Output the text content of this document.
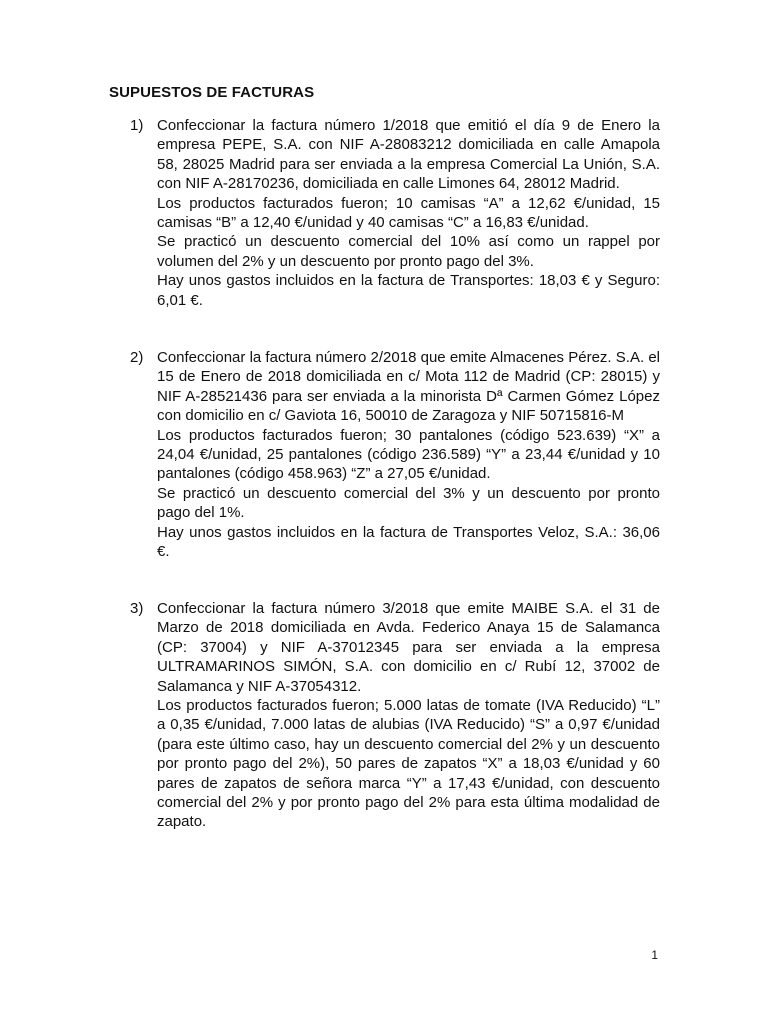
SUPUESTOS DE FACTURAS
1) Confeccionar la factura número 1/2018 que emitió el día 9 de Enero la empresa PEPE, S.A. con NIF A-28083212 domiciliada en calle Amapola 58, 28025 Madrid para ser enviada a la empresa Comercial La Unión, S.A. con NIF A-28170236, domiciliada en calle Limones 64, 28012 Madrid.

Los productos facturados fueron; 10 camisas “A” a 12,62 €/unidad, 15 camisas “B” a 12,40 €/unidad y 40 camisas “C” a 16,83 €/unidad.

Se practicó un descuento comercial del 10% así como un rappel por volumen del 2% y un descuento por pronto pago del 3%.

Hay unos gastos incluidos en la factura de Transportes: 18,03 € y Seguro: 6,01 €.

2) Confeccionar la factura número 2/2018 que emite Almacenes Pérez. S.A. el 15 de Enero de 2018 domiciliada en c/ Mota 112 de Madrid (CP: 28015) y NIF A-28521436 para ser enviada a la minorista Dª Carmen Gómez López con domicilio en c/ Gaviota 16, 50010 de Zaragoza y NIF 50715816-M

Los productos facturados fueron; 30 pantalones (código 523.639) “X” a 24,04 €/unidad, 25 pantalones (código 236.589) “Y” a 23,44 €/unidad y 10 pantalones (código 458.963) “Z” a 27,05 €/unidad.

Se practicó un descuento comercial del 3% y un descuento por pronto pago del 1%.

Hay unos gastos incluidos en la factura de Transportes Veloz, S.A.: 36,06 €.

3) Confeccionar la factura número 3/2018 que emite MAIBE S.A. el 31 de Marzo de 2018 domiciliada en Avda. Federico Anaya 15 de Salamanca (CP: 37004) y NIF A-37012345 para ser enviada a la empresa ULTRAMARINOS SIMÓN, S.A. con domicilio en c/ Rubí 12, 37002 de Salamanca y NIF A-37054312.

Los productos facturados fueron; 5.000 latas de tomate (IVA Reducido) “L” a 0,35 €/unidad, 7.000 latas de alubias (IVA Reducido) “S” a 0,97 €/unidad (para este último caso, hay un descuento comercial del 2% y un descuento por pronto pago del 2%), 50 pares de zapatos “X” a 18,03 €/unidad y 60 pares de zapatos de señora marca “Y” a 17,43 €/unidad, con descuento comercial del 2% y por pronto pago del 2% para esta última modalidad de zapato.

1
